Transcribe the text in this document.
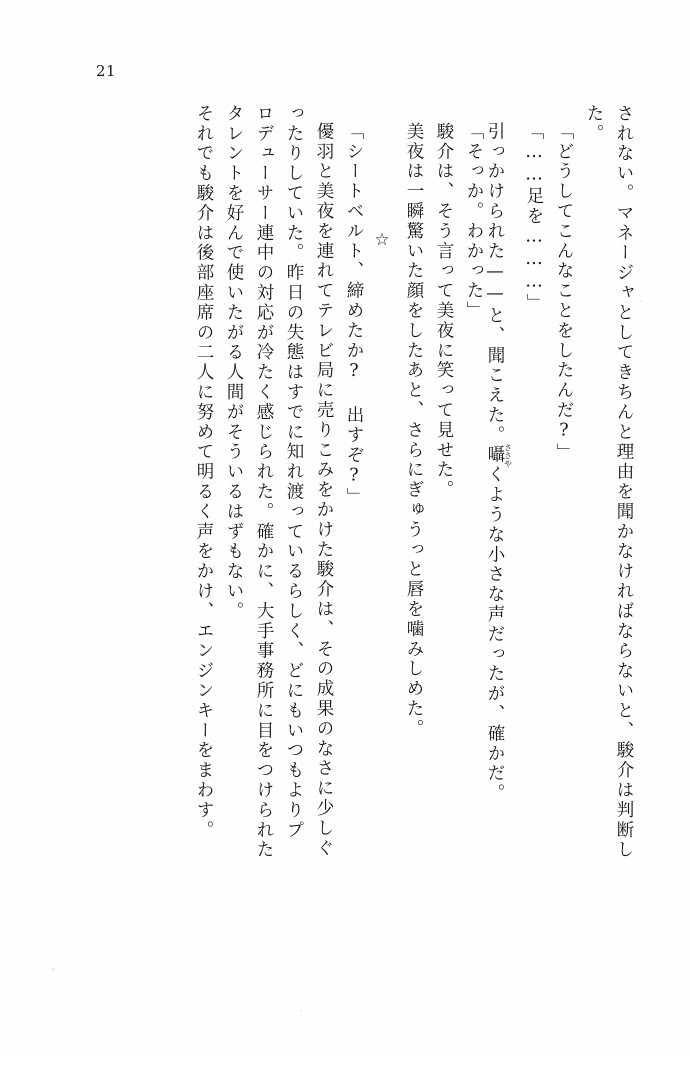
21
されない。マネージャとしてきちんと理由を聞かなければならないと、駿介は判断し
た。
「どうしてこんなことをしたんだ?」
「……足を………」
引っかけられた——と、聞こえた。囁ささやくような小さな声だったが、確かだ。
「そっか。わかった」
駿介は、そう言って美夜に笑って見せた。
美夜は一瞬驚いた顔をしたあと、さらにぎゅうっと唇を噛みしめた。
☆
「シートベルト、締めたか? 出すぞ?」
優羽と美夜を連れてテレビ局に売りこみをかけた駿介は、その成果のなさに少しぐ
ったりしていた。昨日の失態はすでに知れ渡っているらしく、どにもいつもよりプ
ロデューサー連中の対応が冷たく感じられた。確かに、大手事務所に目をつけられた
タレントを好んで使いたがる人間がそういるはずもない。
それでも駿介は後部座席の二人に努めて明るく声をかけ、エンジンキーをまわす。
